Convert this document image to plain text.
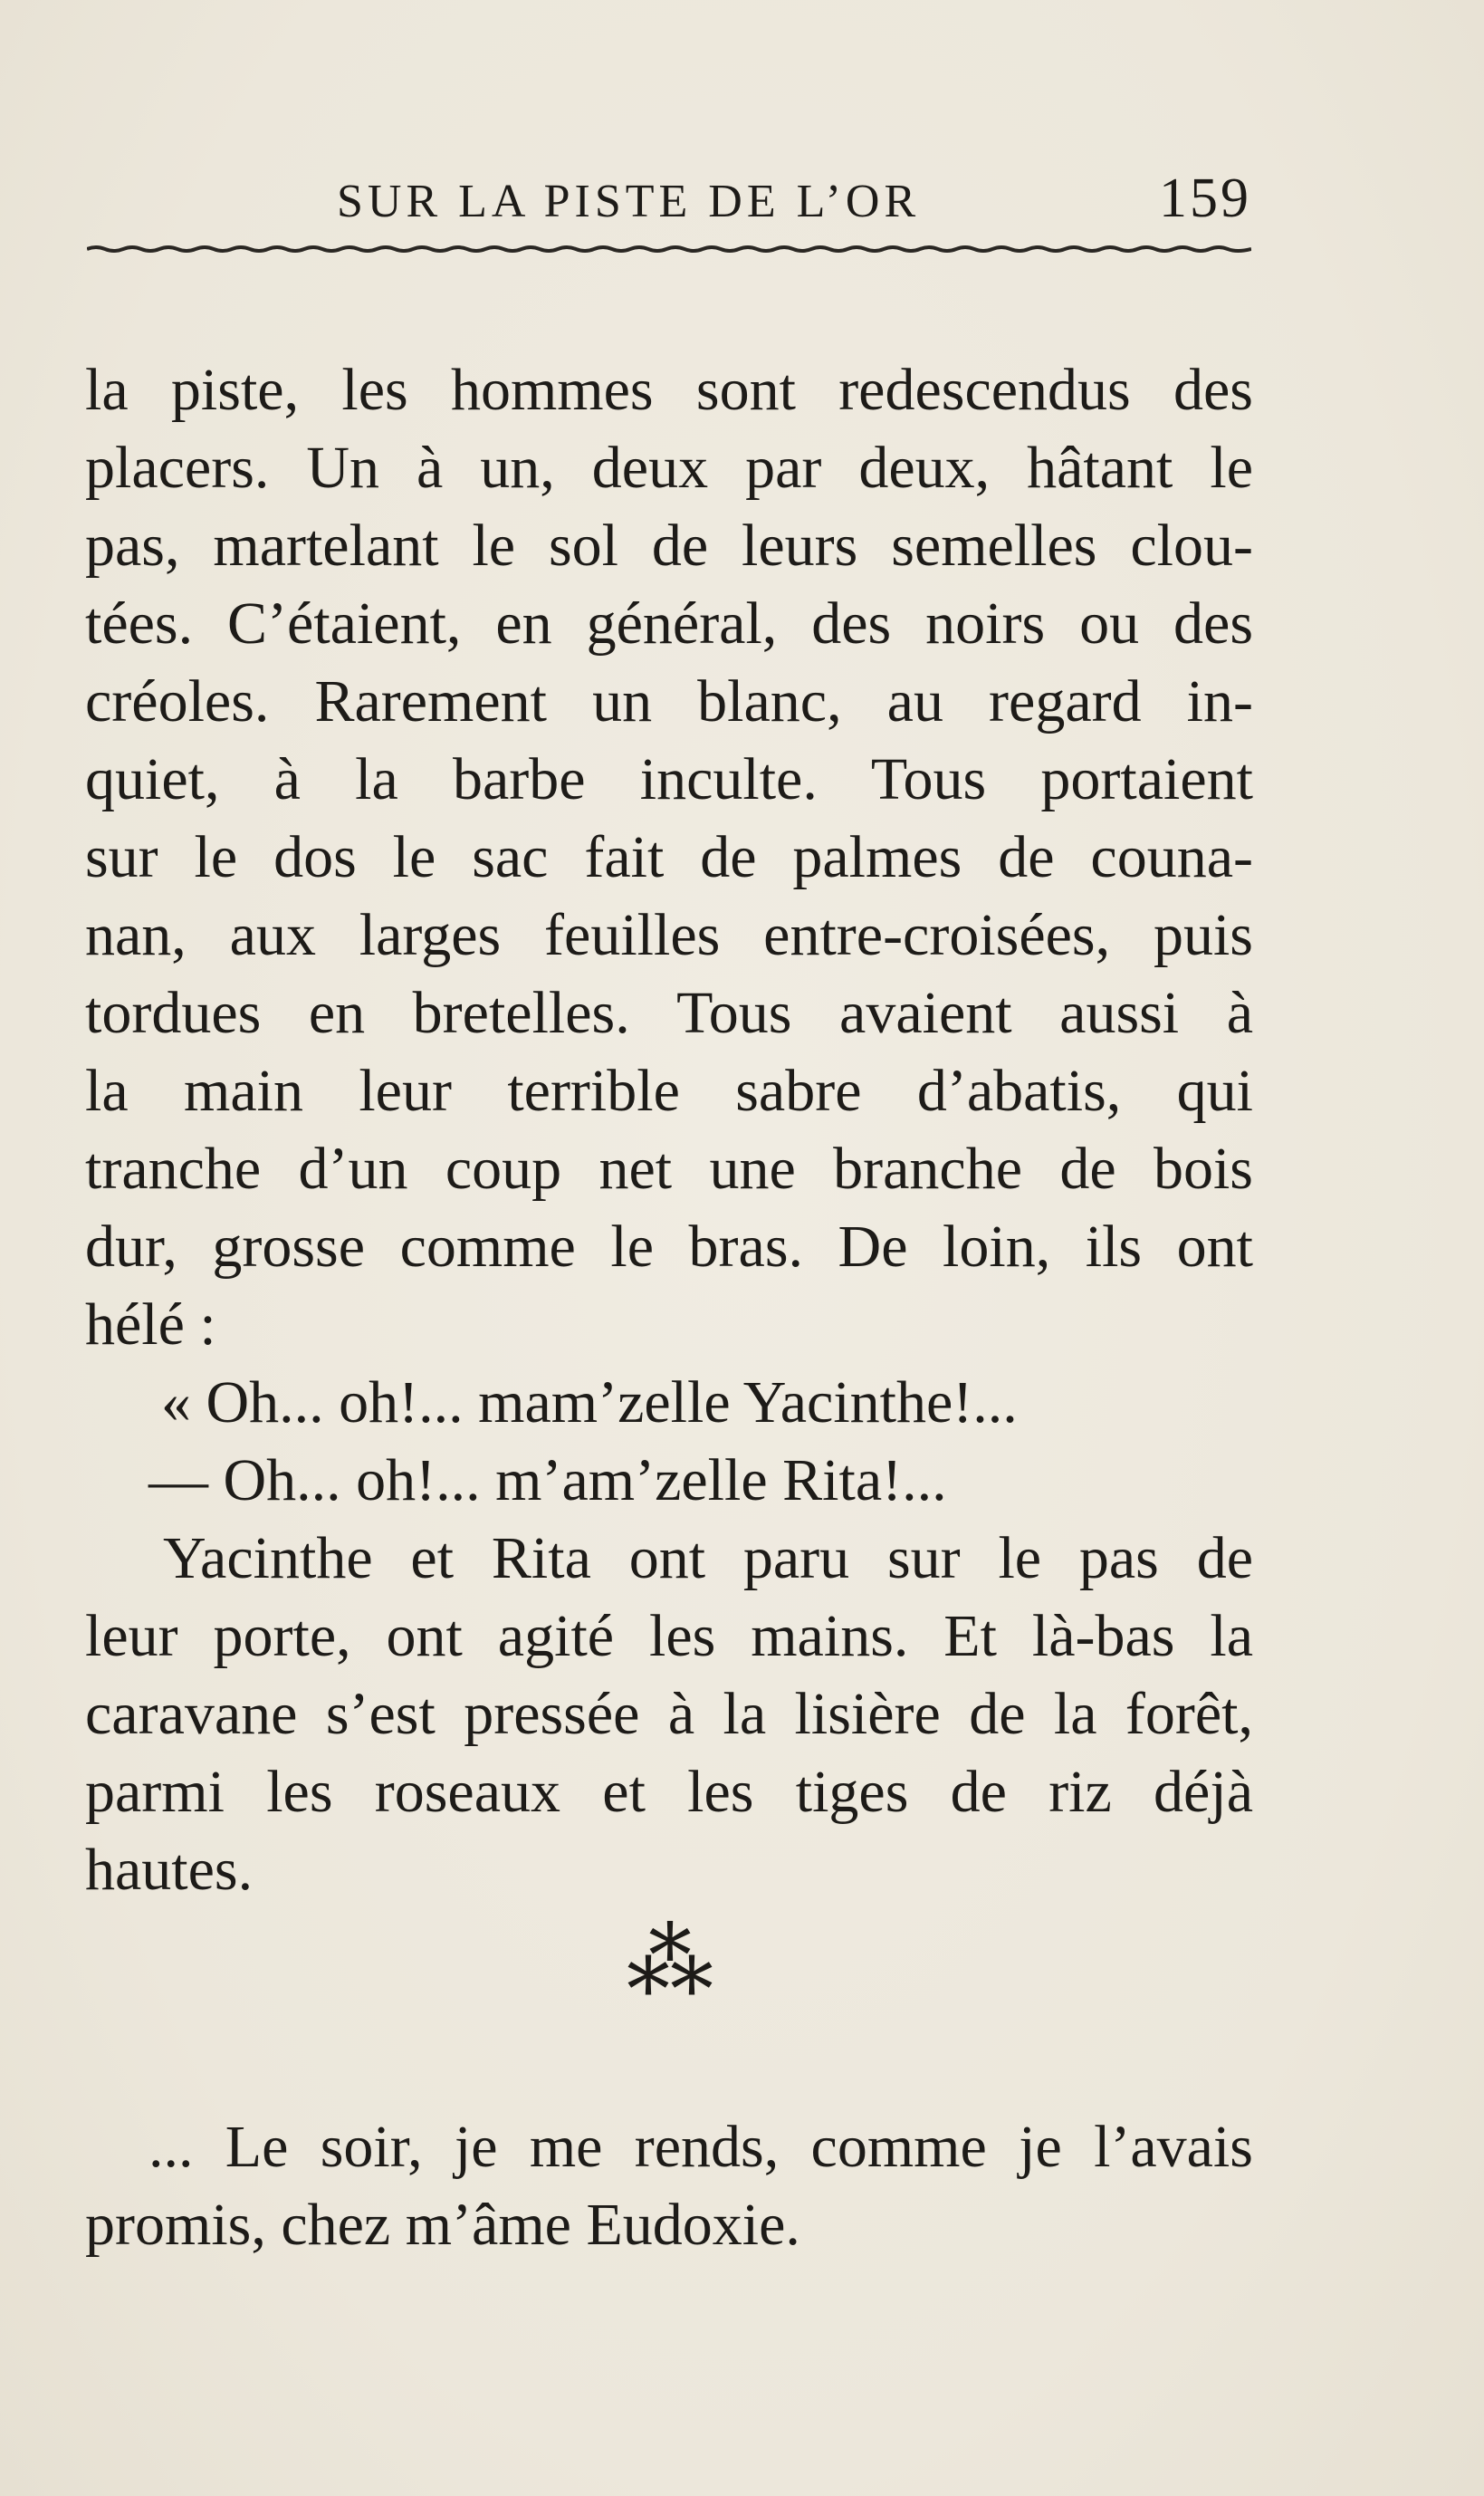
SUR LA PISTE DE L’OR	159
la piste, les hommes sont redescendus des
placers. Un à un, deux par deux, hâtant le
pas, martelant le sol de leurs semelles clou-
tées. C’étaient, en général, des noirs ou des
créoles. Rarement un blanc, au regard in-
quiet, à la barbe inculte. Tous portaient
sur le dos le sac fait de palmes de couna-
nan, aux larges feuilles entre-croisées, puis
tordues en bretelles. Tous avaient aussi à
la main leur terrible sabre d’abatis, qui
tranche d’un coup net une branche de bois
dur, grosse comme le bras. De loin, ils ont
hélé :
« Oh... oh!... mam’zelle Yacinthe!...
— Oh... oh!... m’am’zelle Rita!...
Yacinthe et Rita ont paru sur le pas de
leur porte, ont agité les mains. Et là-bas la
caravane s’est pressée à la lisière de la forêt,
parmi les roseaux et les tiges de riz déjà
hautes.
⁂
... Le soir, je me rends, comme je l’avais
promis, chez m’âme Eudoxie.
